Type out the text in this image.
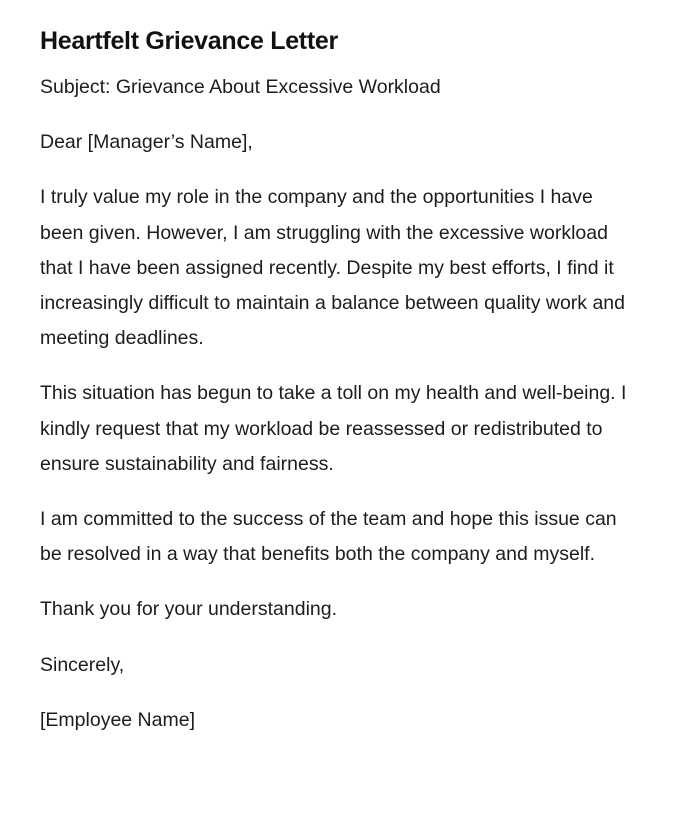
Heartfelt Grievance Letter

Subject: Grievance About Excessive Workload

Dear [Manager’s Name],

I truly value my role in the company and the opportunities I have been given. However, I am struggling with the excessive workload that I have been assigned recently. Despite my best efforts, I find it increasingly difficult to maintain a balance between quality work and meeting deadlines.

This situation has begun to take a toll on my health and well-being. I kindly request that my workload be reassessed or redistributed to ensure sustainability and fairness.

I am committed to the success of the team and hope this issue can be resolved in a way that benefits both the company and myself.

Thank you for your understanding.

Sincerely,

[Employee Name]
